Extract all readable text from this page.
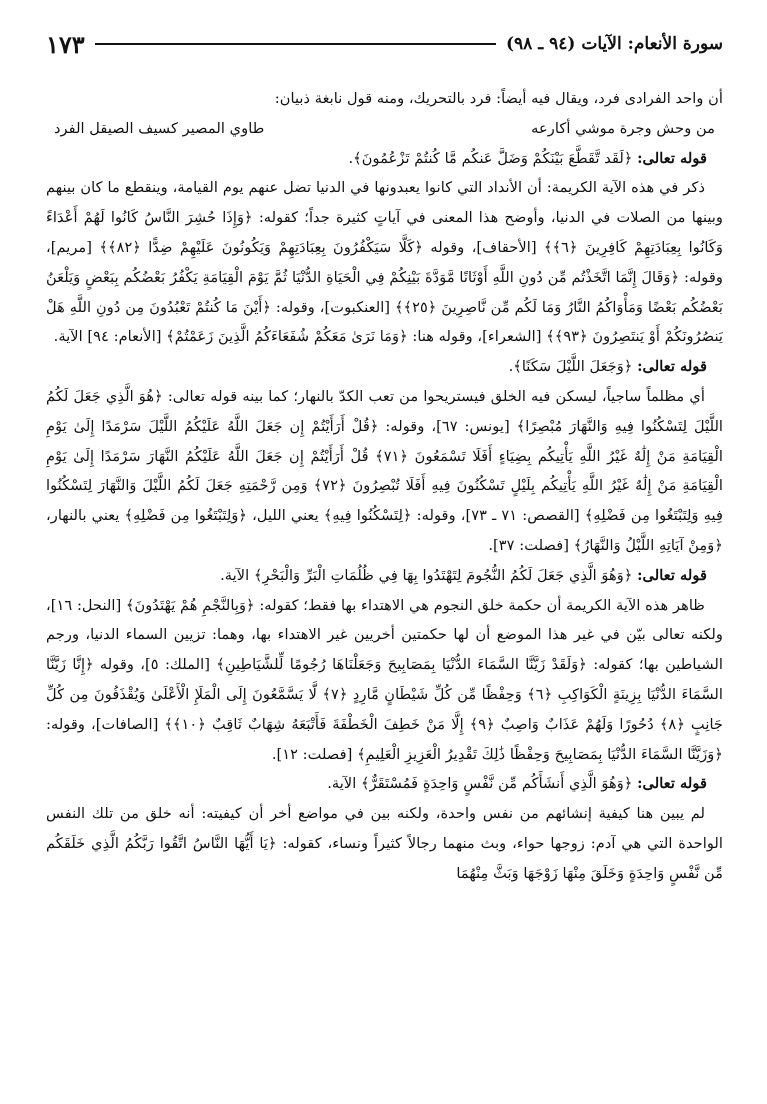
سورة الأنعام: الآيات (٩٤ ـ ٩٨)
١٧٣

أن واحد الفرادى فرد، ويقال فيه أيضاً: فرد بالتحريك، ومنه قول نابغة ذبيان:

من وحش وجرة موشي أكارعه
طاوي المصير كسيف الصيقل الفرد

قوله تعالى: ﴿لَقَد تَّقَطَّعَ بَيْنَكُمْ وَضَلَّ عَنكُم مَّا كُنتُمْ تَزْعُمُونَ﴾.

ذكر في هذه الآية الكريمة: أن الأنداد التي كانوا يعبدونها في الدنيا تضل عنهم يوم القيامة، وينقطع ما كان بينهم وبينها من الصلات في الدنيا، وأوضح هذا المعنى في آياتٍ كثيرة جداً؛ كقوله: ﴿وَإِذَا حُشِرَ النَّاسُ كَانُوا لَهُمْ أَعْدَاءً وَكَانُوا بِعِبَادَتِهِمْ كَافِرِينَ ﴿٦﴾﴾ [الأحقاف]، وقوله ﴿كَلَّا سَيَكْفُرُونَ بِعِبَادَتِهِمْ وَيَكُونُونَ عَلَيْهِمْ ضِدًّا ﴿٨٢﴾﴾ [مريم]، وقوله: ﴿وَقَالَ إِنَّمَا اتَّخَذْتُم مِّن دُونِ اللَّهِ أَوْثَانًا مَّوَدَّةَ بَيْنِكُمْ فِي الْحَيَاةِ الدُّنْيَا ثُمَّ يَوْمَ الْقِيَامَةِ يَكْفُرُ بَعْضُكُم بِبَعْضٍ وَيَلْعَنُ بَعْضُكُم بَعْضًا وَمَأْوَاكُمُ النَّارُ وَمَا لَكُم مِّن نَّاصِرِينَ ﴿٢٥﴾﴾ [العنكبوت]، وقوله: ﴿أَيْنَ مَا كُنتُمْ تَعْبُدُونَ مِن دُونِ اللَّهِ هَلْ يَنصُرُونَكُمْ أَوْ يَنتَصِرُونَ ﴿٩٣﴾﴾ [الشعراء]، وقوله هنا: ﴿وَمَا نَرَىٰ مَعَكُمْ شُفَعَاءَكُمُ الَّذِينَ زَعَمْتُمْ﴾ [الأنعام: ٩٤] الآية.

قوله تعالى: ﴿وَجَعَلَ اللَّيْلَ سَكَنًا﴾.

أي مظلماً ساجياً، ليسكن فيه الخلق فيستريحوا من تعب الكدّ بالنهار؛ كما بينه قوله تعالى: ﴿هُوَ الَّذِي جَعَلَ لَكُمُ اللَّيْلَ لِتَسْكُنُوا فِيهِ وَالنَّهَارَ مُبْصِرًا﴾ [يونس: ٦٧]، وقوله: ﴿قُلْ أَرَأَيْتُمْ إِن جَعَلَ اللَّهُ عَلَيْكُمُ اللَّيْلَ سَرْمَدًا إِلَىٰ يَوْمِ الْقِيَامَةِ مَنْ إِلَٰهٌ غَيْرُ اللَّهِ يَأْتِيكُم بِضِيَاءٍ أَفَلَا تَسْمَعُونَ ﴿٧١﴾ قُلْ أَرَأَيْتُمْ إِن جَعَلَ اللَّهُ عَلَيْكُمُ النَّهَارَ سَرْمَدًا إِلَىٰ يَوْمِ الْقِيَامَةِ مَنْ إِلَٰهٌ غَيْرُ اللَّهِ يَأْتِيكُم بِلَيْلٍ تَسْكُنُونَ فِيهِ أَفَلَا تُبْصِرُونَ ﴿٧٢﴾ وَمِن رَّحْمَتِهِ جَعَلَ لَكُمُ اللَّيْلَ وَالنَّهَارَ لِتَسْكُنُوا فِيهِ وَلِتَبْتَغُوا مِن فَضْلِهِ﴾ [القصص: ٧١ ـ ٧٣]، وقوله: ﴿لِتَسْكُنُوا فِيهِ﴾ يعني الليل، ﴿وَلِتَبْتَغُوا مِن فَضْلِهِ﴾ يعني بالنهار، ﴿وَمِنْ آيَاتِهِ اللَّيْلُ وَالنَّهَارُ﴾ [فصلت: ٣٧].

قوله تعالى: ﴿وَهُوَ الَّذِي جَعَلَ لَكُمُ النُّجُومَ لِتَهْتَدُوا بِهَا فِي ظُلُمَاتِ الْبَرِّ وَالْبَحْرِ﴾ الآية.

ظاهر هذه الآية الكريمة أن حكمة خلق النجوم هي الاهتداء بها فقط؛ كقوله: ﴿وَبِالنَّجْمِ هُمْ يَهْتَدُونَ﴾ [النحل: ١٦]، ولكنه تعالى بيّن في غير هذا الموضع أن لها حكمتين أخريين غير الاهتداء بها، وهما: تزيين السماء الدنيا، ورجم الشياطين بها؛ كقوله: ﴿وَلَقَدْ زَيَّنَّا السَّمَاءَ الدُّنْيَا بِمَصَابِيحَ وَجَعَلْنَاهَا رُجُومًا لِّلشَّيَاطِينِ﴾ [الملك: ٥]، وقوله ﴿إِنَّا زَيَّنَّا السَّمَاءَ الدُّنْيَا بِزِينَةٍ الْكَوَاكِبِ ﴿٦﴾ وَحِفْظًا مِّن كُلِّ شَيْطَانٍ مَّارِدٍ ﴿٧﴾ لَّا يَسَّمَّعُونَ إِلَى الْمَلَإِ الْأَعْلَىٰ وَيُقْذَفُونَ مِن كُلِّ جَانِبٍ ﴿٨﴾ دُحُورًا وَلَهُمْ عَذَابٌ وَاصِبٌ ﴿٩﴾ إِلَّا مَنْ خَطِفَ الْخَطْفَةَ فَأَتْبَعَهُ شِهَابٌ ثَاقِبٌ ﴿١٠﴾﴾ [الصافات]، وقوله: ﴿وَزَيَّنَّا السَّمَاءَ الدُّنْيَا بِمَصَابِيحَ وَحِفْظًا ذَٰلِكَ تَقْدِيرُ الْعَزِيزِ الْعَلِيمِ﴾ [فصلت: ١٢].

قوله تعالى: ﴿وَهُوَ الَّذِي أَنشَأَكُم مِّن نَّفْسٍ وَاحِدَةٍ فَمُسْتَقَرٌّ﴾ الآية.

لم يبين هنا كيفية إنشائهم من نفس واحدة، ولكنه بين في مواضع أخر أن كيفيته: أنه خلق من تلك النفس الواحدة التي هي آدم: زوجها حواء، وبث منهما رجالاً كثيراً ونساء، كقوله: ﴿يَا أَيُّهَا النَّاسُ اتَّقُوا رَبَّكُمُ الَّذِي خَلَقَكُم مِّن نَّفْسٍ وَاحِدَةٍ وَخَلَقَ مِنْهَا زَوْجَهَا وَبَثَّ مِنْهُمَا
